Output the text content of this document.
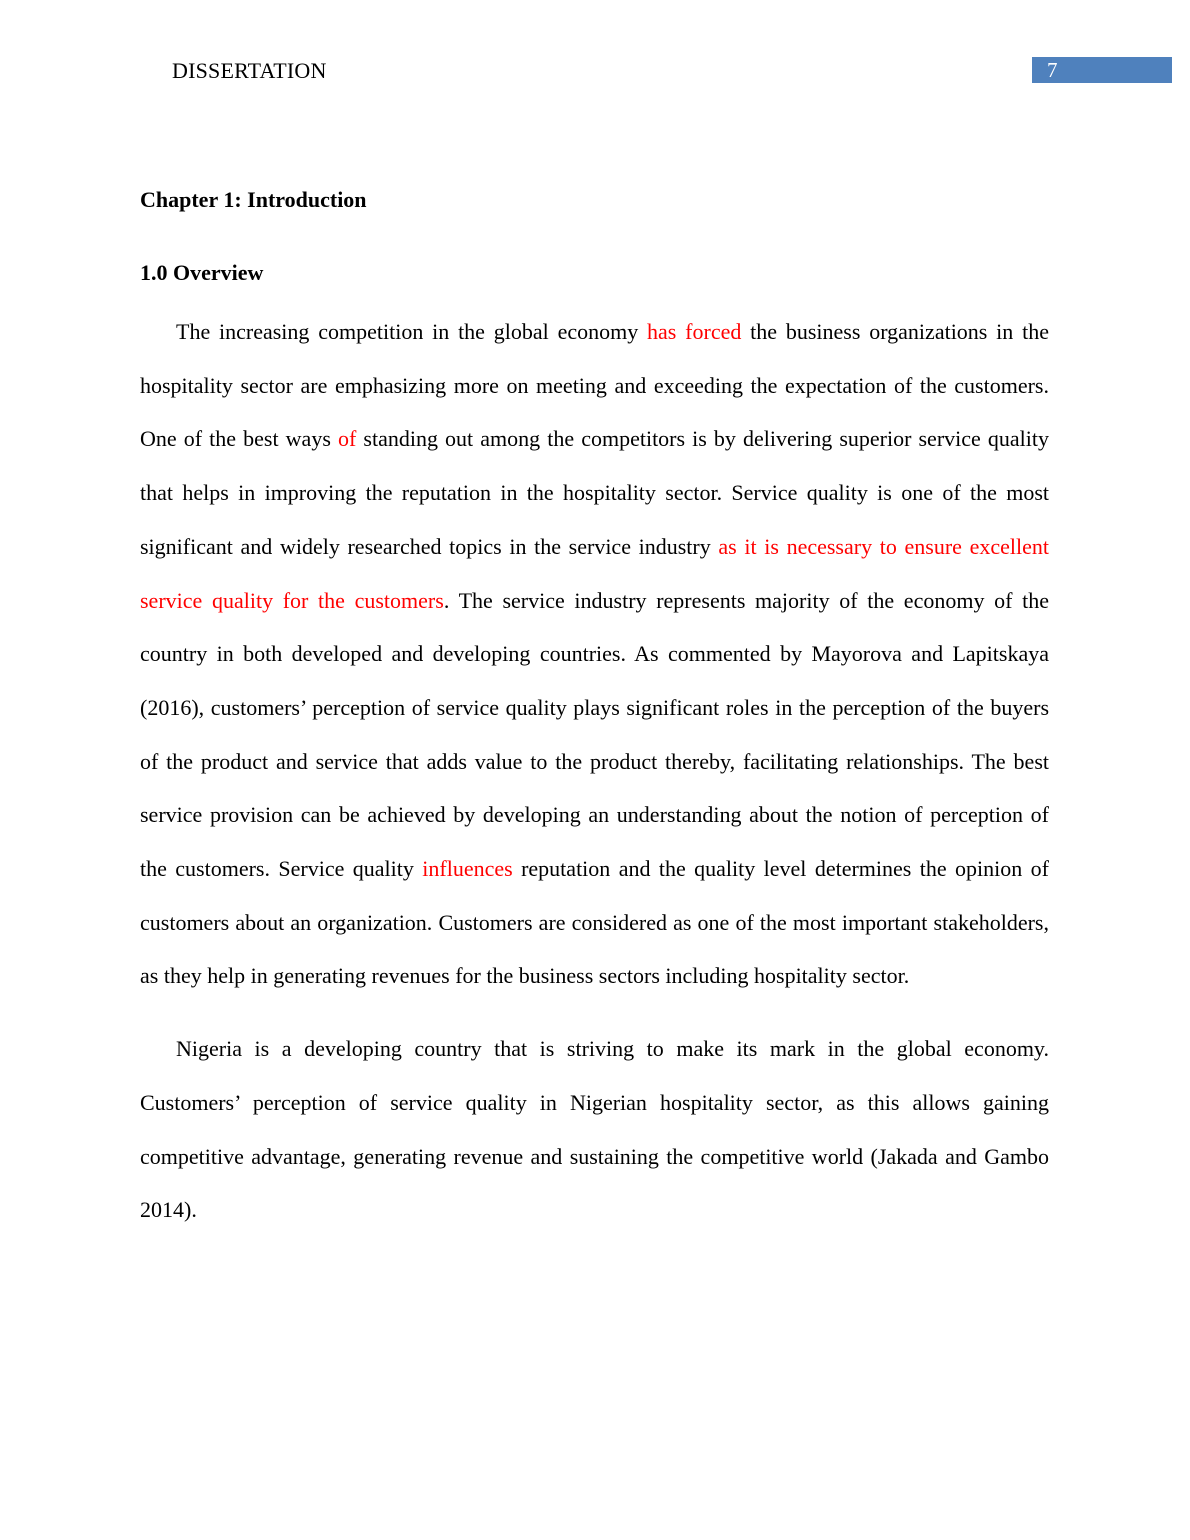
DISSERTATION	7
Chapter 1: Introduction
1.0 Overview

The increasing competition in the global economy has forced the business organizations in the hospitality sector are emphasizing more on meeting and exceeding the expectation of the customers. One of the best ways of standing out among the competitors is by delivering superior service quality that helps in improving the reputation in the hospitality sector. Service quality is one of the most significant and widely researched topics in the service industry as it is necessary to ensure excellent service quality for the customers. The service industry represents majority of the economy of the country in both developed and developing countries. As commented by Mayorova and Lapitskaya (2016), customers’ perception of service quality plays significant roles in the perception of the buyers of the product and service that adds value to the product thereby, facilitating relationships. The best service provision can be achieved by developing an understanding about the notion of perception of the customers. Service quality influences reputation and the quality level determines the opinion of customers about an organization. Customers are considered as one of the most important stakeholders, as they help in generating revenues for the business sectors including hospitality sector.

Nigeria is a developing country that is striving to make its mark in the global economy. Customers’ perception of service quality in Nigerian hospitality sector, as this allows gaining competitive advantage, generating revenue and sustaining the competitive world (Jakada and Gambo 2014).
